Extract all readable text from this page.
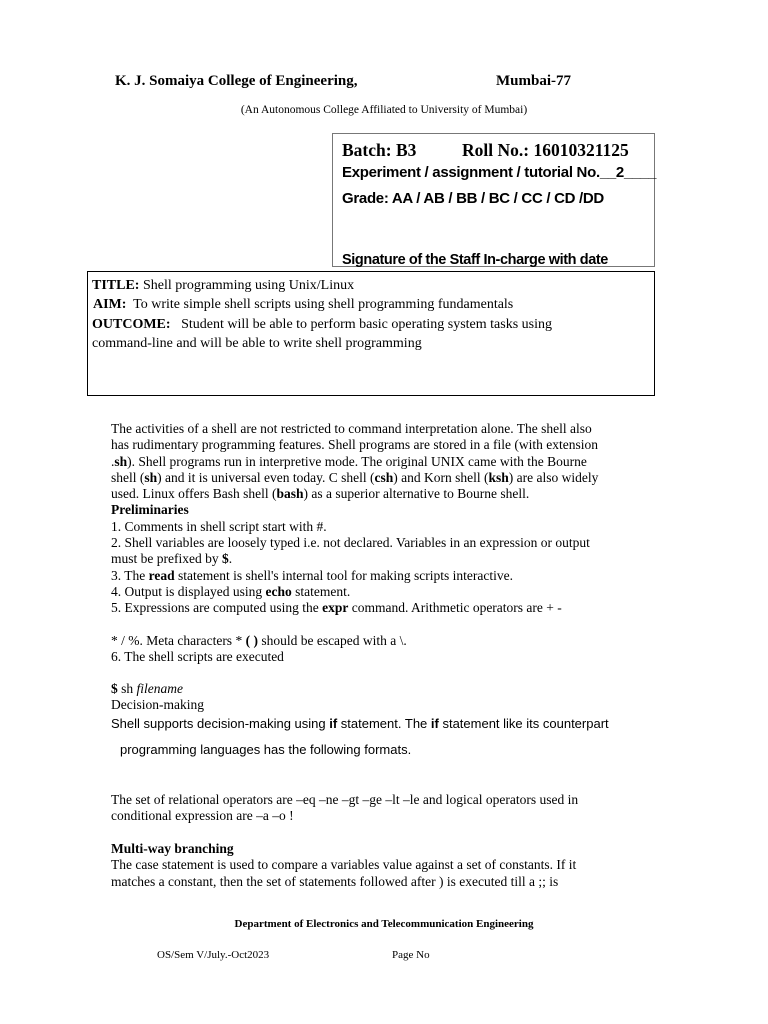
K. J. Somaiya College of Engineering,	Mumbai-77
(An Autonomous College Affiliated to University of Mumbai)
Batch: B3	Roll No.: 16010321125
Experiment / assignment / tutorial No.__2____
Grade: AA / AB / BB / BC / CC / CD /DD
Signature of the Staff In-charge with date
TITLE: Shell programming using Unix/Linux
AIM:  To write simple shell scripts using shell programming fundamentals
OUTCOME:   Student will be able to perform basic operating system tasks using
command-line and will be able to write shell programming

The activities of a shell are not restricted to command interpretation alone. The shell also

has rudimentary programming features. Shell programs are stored in a file (with extension

.sh). Shell programs run in interpretive mode. The original UNIX came with the Bourne

shell (sh) and it is universal even today. C shell (csh) and Korn shell (ksh) are also widely

used. Linux offers Bash shell (bash) as a superior alternative to Bourne shell.

Preliminaries

1. Comments in shell script start with #.

2. Shell variables are loosely typed i.e. not declared. Variables in an expression or output

must be prefixed by $.

3. The read statement is shell's internal tool for making scripts interactive.

4. Output is displayed using echo statement.

5. Expressions are computed using the expr command. Arithmetic operators are + -

* / %. Meta characters * ( ) should be escaped with a \.

6. The shell scripts are executed

$ sh filename

Decision-making

Shell supports decision-making using if statement. The if statement like its counterpart
programming languages has the following formats.

The set of relational operators are –eq –ne –gt –ge –lt –le and logical operators used in

conditional expression are –a –o !

Multi-way branching

The case statement is used to compare a variables value against a set of constants. If it

matches a constant, then the set of statements followed after ) is executed till a ;; is

Department of Electronics and Telecommunication Engineering
OS/Sem V/July.-Oct2023	Page No
